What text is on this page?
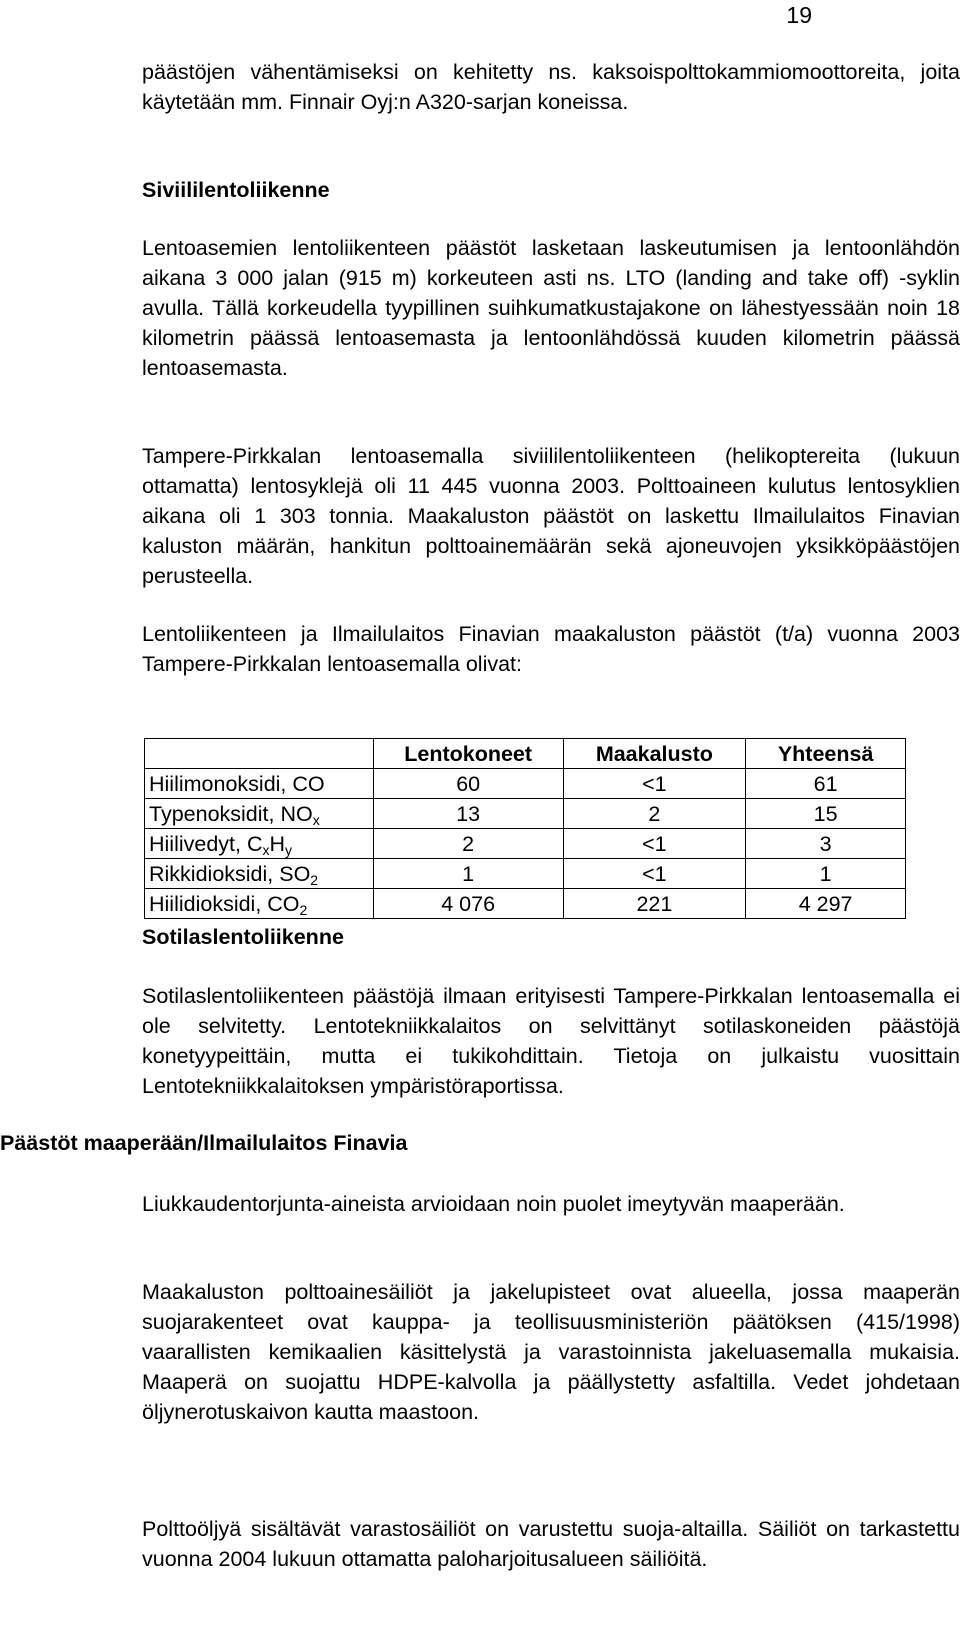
19

päästöjen vähentämiseksi on kehitetty ns. kaksoispolttokammiomoottoreita, joita käytetään mm. Finnair Oyj:n A320-sarjan koneissa.

Siviililentoliikenne

Lentoasemien lentoliikenteen päästöt lasketaan laskeutumisen ja lentoonlähdön aikana 3 000 jalan (915 m) korkeuteen asti ns. LTO (landing and take off) -syklin avulla. Tällä korkeudella tyypillinen suihkumatkustajakone on lähestyessään noin 18 kilometrin päässä lentoasemasta ja lentoonlähdössä kuuden kilometrin päässä lentoasemasta.

Tampere-Pirkkalan lentoasemalla siviililentoliikenteen (helikoptereita (lukuun ottamatta) lentosyklejä oli 11 445 vuonna 2003. Polttoaineen kulutus lentosyklien aikana oli 1 303 tonnia. Maakaluston päästöt on laskettu Ilmailulaitos Finavian kaluston määrän, hankitun polttoainemäärän sekä ajoneuvojen yksikköpäästöjen perusteella.

Lentoliikenteen ja Ilmailulaitos Finavian maakaluston päästöt (t/a) vuonna 2003 Tampere-Pirkkalan lentoasemalla olivat:

	Lentokoneet	Maakalusto	Yhteensä
Hiilimonoksidi, CO	60	<1	61
Typenoksidit, $NO_x$	13	2	15
Hiilivedyt, $C_xH_y$	2	<1	3
Rikkidioksidi, $SO_2$	1	<1	1
Hiilidioksidi, $CO_2$	4 076	221	4 297
Sotilaslentoliikenne

Sotilaslentoliikenteen päästöjä ilmaan erityisesti Tampere-Pirkkalan lentoasemalla ei ole selvitetty. Lentotekniikkalaitos on selvittänyt sotilaskoneiden päästöjä konetyypeittäin, mutta ei tukikohdittain. Tietoja on julkaistu vuosittain Lentotekniikkalaitoksen ympäristöraportissa.

Päästöt maaperään/Ilmailulaitos Finavia

Liukkaudentorjunta-aineista arvioidaan noin puolet imeytyvän maaperään.

Maakaluston polttoainesäiliöt ja jakelupisteet ovat alueella, jossa maaperän suojarakenteet ovat kauppa- ja teollisuusministeriön päätöksen (415/1998) vaarallisten kemikaalien käsittelystä ja varastoinnista jakeluasemalla mukaisia. Maaperä on suojattu HDPE-kalvolla ja päällystetty asfaltilla. Vedet johdetaan öljynerotuskaivon kautta maastoon.

Polttoöljyä sisältävät varastosäiliöt on varustettu suoja-altailla. Säiliöt on tarkastettu vuonna 2004 lukuun ottamatta paloharjoitusalueen säiliöitä.
